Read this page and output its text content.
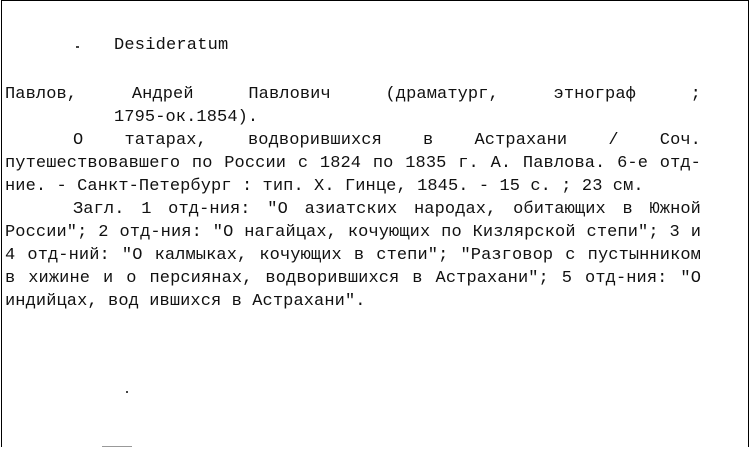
Desideratum
Павлов, Андрей Павлович (драматург, этнограф ;
1795-ок.1854).

О татарах, водворившихся в Астрахани / Соч. путешествовавшего по России с 1824 по 1835 г. А. Павлова. 6-е отд-ние. - Санкт-Петербург : тип. Х. Гинце, 1845. - 15 с. ; 23 см.

Загл. 1 отд-ния: "О азиатских народах, обитающих в Южной России"; 2 отд-ния: "О нагайцах, кочующих по Кизлярской степи"; 3 и 4 отд-ний: "О калмыках, кочующих в степи"; "Разговор с пустынником в хижине и о персиянах, водворившихся в Астрахани"; 5 отд-ния: "О индийцах, вод ившихся в Астрахани".
